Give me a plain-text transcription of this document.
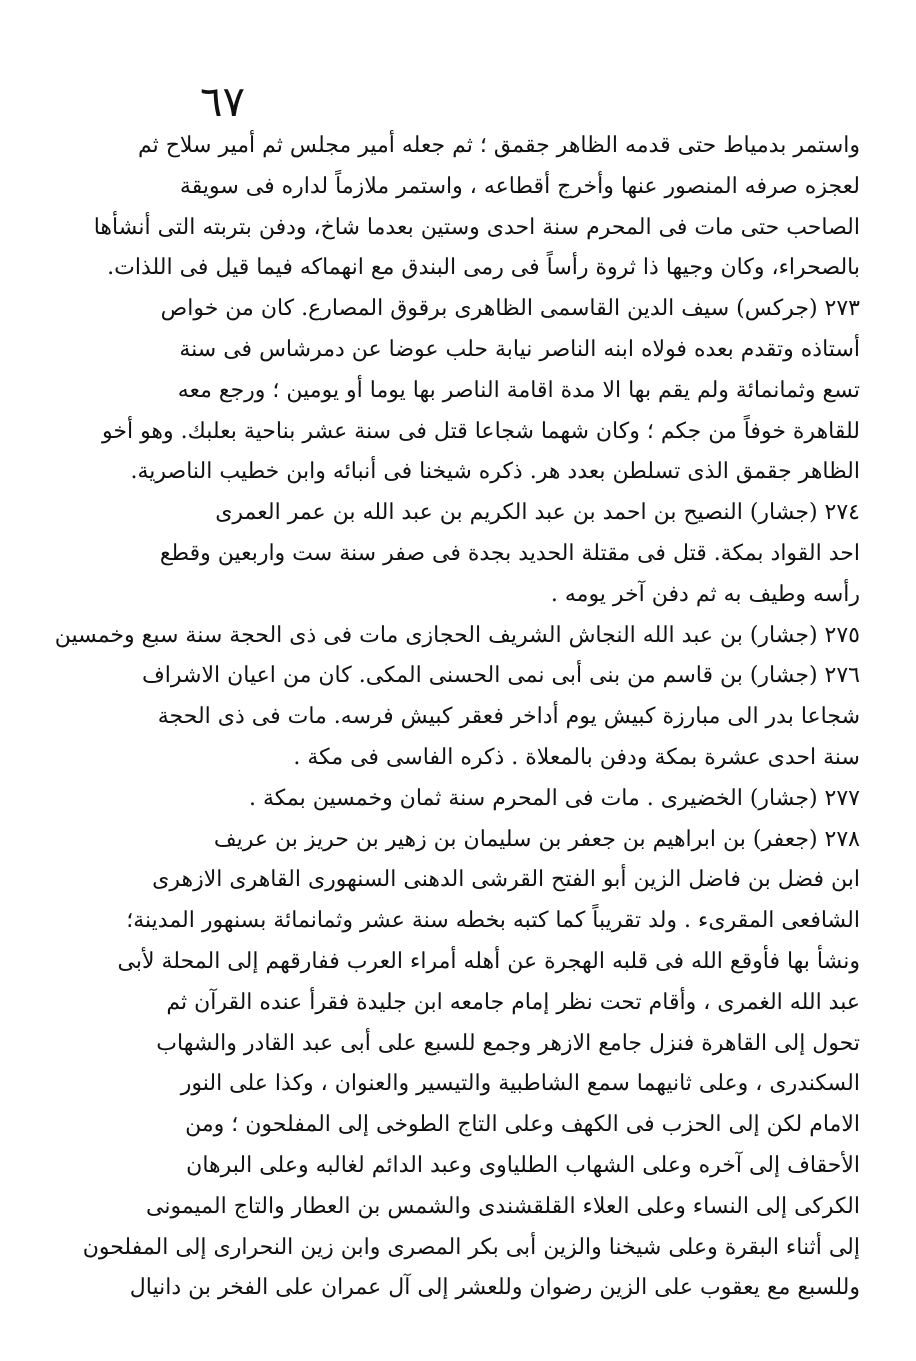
٦٧
واستمر بدمياط حتى قدمه الظاهر جقمق ؛ ثم جعله أمير مجلس ثم أمير سلاح ثم
لعجزه صرفه المنصور عنها وأخرج أقطاعه ، واستمر ملازماً لداره فى سويقة
الصاحب حتى مات فى المحرم سنة احدى وستين بعدما شاخ، ودفن بتربته التى أنشأها
بالصحراء، وكان وجيها ذا ثروة رأساً فى رمى البندق مع انهماكه فيما قيل فى اللذات.
٢٧٣ (جركس) سيف الدين القاسمى الظاهرى برقوق المصارع. كان من خواص
أستاذه وتقدم بعده فولاه ابنه الناصر نيابة حلب عوضا عن دمرشاس فى سنة
تسع وثمانمائة ولم يقم بها الا مدة اقامة الناصر بها يوما أو يومين ؛ ورجع معه
للقاهرة خوفاً من جكم ؛ وكان شهما شجاعا قتل فى سنة عشر بناحية بعلبك. وهو أخو
الظاهر جقمق الذى تسلطن بعدد هر. ذكره شيخنا فى أنبائه وابن خطيب الناصرية.
٢٧٤ (جشار) النصيح بن احمد بن عبد الكريم بن عبد الله بن عمر العمرى
احد القواد بمكة. قتل فى مقتلة الحديد بجدة فى صفر سنة ست واربعين وقطع
رأسه وطيف به ثم دفن آخر يومه .
٢٧٥ (جشار) بن عبد الله النجاش الشريف الحجازى مات فى ذى الحجة سنة سبع وخمسين
٢٧٦ (جشار) بن قاسم من بنى أبى نمى الحسنى المكى. كان من اعيان الاشراف
شجاعا بدر الى مبارزة كبيش يوم أداخر فعقر كبيش فرسه. مات فى ذى الحجة
سنة احدى عشرة بمكة ودفن بالمعلاة . ذكره الفاسى فى مكة .
٢٧٧ (جشار) الخضيرى . مات فى المحرم سنة ثمان وخمسين بمكة .
٢٧٨ (جعفر) بن ابراهيم بن جعفر بن سليمان بن زهير بن حريز بن عريف
ابن فضل بن فاضل الزين أبو الفتح القرشى الدهنى السنهورى القاهرى الازهرى
الشافعى المقرىء . ولد تقريباً كما كتبه بخطه سنة عشر وثمانمائة بسنهور المدينة؛
ونشأ بها فأوقع الله فى قلبه الهجرة عن أهله أمراء العرب ففارقهم إلى المحلة لأبى
عبد الله الغمرى ، وأقام تحت نظر إمام جامعه ابن جليدة فقرأ عنده القرآن ثم
تحول إلى القاهرة فنزل جامع الازهر وجمع للسبع على أبى عبد القادر والشهاب
السكندرى ، وعلى ثانيهما سمع الشاطبية والتيسير والعنوان ، وكذا على النور
الامام لكن إلى الحزب فى الكهف وعلى التاج الطوخى إلى المفلحون ؛ ومن
الأحقاف إلى آخره وعلى الشهاب الطلياوى وعبد الدائم لغالبه وعلى البرهان
الكركى إلى النساء وعلى العلاء القلقشندى والشمس بن العطار والتاج الميمونى
إلى أثناء البقرة وعلى شيخنا والزين أبى بكر المصرى وابن زين النحرارى إلى المفلحون
وللسبع مع يعقوب على الزين رضوان وللعشر إلى آل عمران على الفخر بن دانيال
